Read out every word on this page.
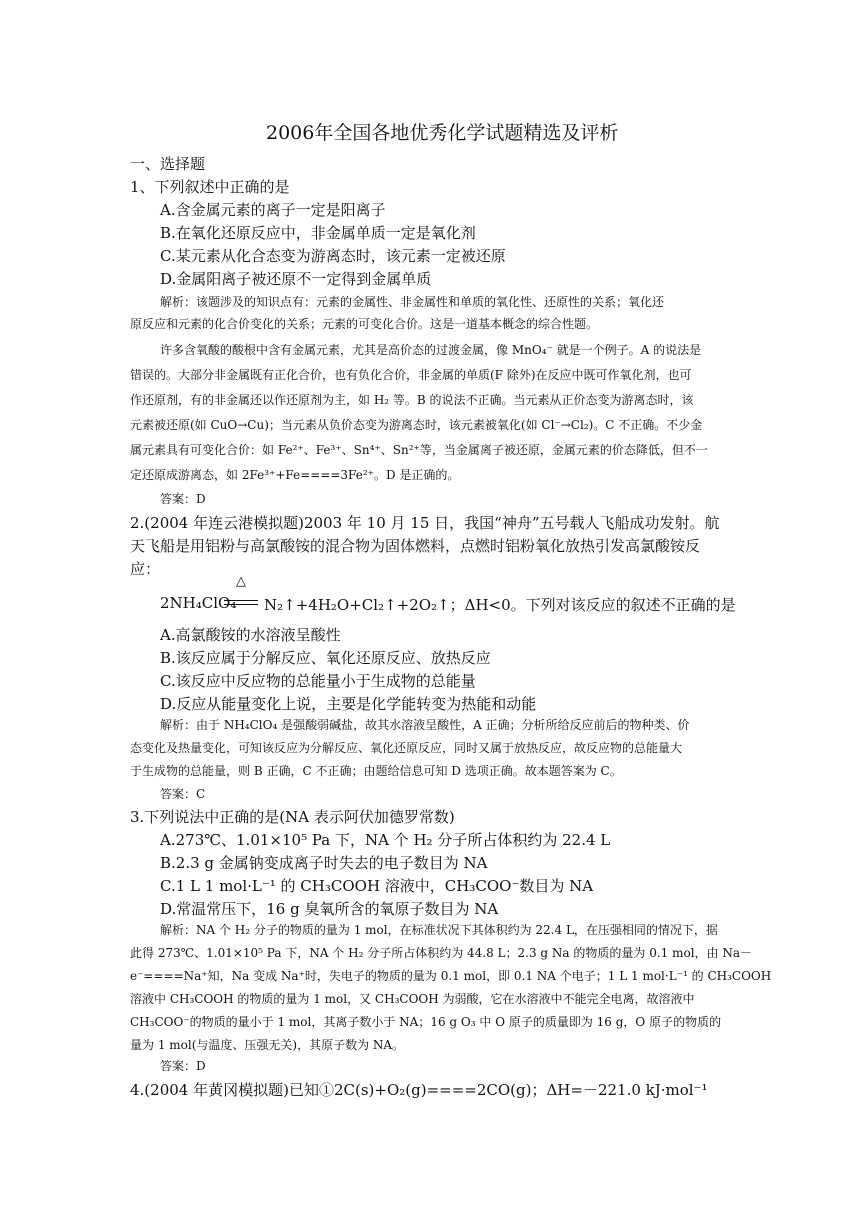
2006年全国各地优秀化学试题精选及评析
一、选择题
1、下列叙述中正确的是
A.含金属元素的离子一定是阳离子
B.在氧化还原反应中，非金属单质一定是氧化剂
C.某元素从化合态变为游离态时，该元素一定被还原
D.金属阳离子被还原不一定得到金属单质
解析：该题涉及的知识点有：元素的金属性、非金属性和单质的氧化性、还原性的关系；氧化还
原反应和元素的化合价变化的关系；元素的可变化合价。这是一道基本概念的综合性题。
许多含氧酸的酸根中含有金属元素，尤其是高价态的过渡金属，像 MnO₄⁻ 就是一个例子。A 的说法是
错误的。大部分非金属既有正化合价，也有负化合价，非金属的单质(F 除外)在反应中既可作氧化剂，也可
作还原剂，有的非金属还以作还原剂为主，如 H₂ 等。B 的说法不正确。当元素从正价态变为游离态时，该
元素被还原(如 CuO→Cu)；当元素从负价态变为游离态时，该元素被氧化(如 Cl⁻→Cl₂)。C 不正确。不少金
属元素具有可变化合价：如 Fe²⁺、Fe³⁺、Sn⁴⁺、Sn²⁺等，当金属离子被还原，金属元素的价态降低，但不一
定还原成游离态，如 2Fe³⁺+Fe====3Fe²⁺。D 是正确的。
答案：D
2.(2004 年连云港模拟题)2003 年 10 月 15 日，我国“神舟”五号载人飞船成功发射。航
天飞船是用铝粉与高氯酸铵的混合物为固体燃料，点燃时铝粉氧化放热引发高氯酸铵反
应：
△
2NH₄ClO₄ N₂↑+4H₂O+Cl₂↑+2O₂↑；ΔH<0。下列对该反应的叙述不正确的是
A.高氯酸铵的水溶液呈酸性
B.该反应属于分解反应、氧化还原反应、放热反应
C.该反应中反应物的总能量小于生成物的总能量
D.反应从能量变化上说，主要是化学能转变为热能和动能
解析：由于 NH₄ClO₄ 是强酸弱碱盐，故其水溶液呈酸性，A 正确；分析所给反应前后的物种类、价
态变化及热量变化，可知该反应为分解反应、氧化还原反应，同时又属于放热反应，故反应物的总能量大
于生成物的总能量，则 B 正确，C 不正确；由题给信息可知 D 选项正确。故本题答案为 C。
答案：C
3.下列说法中正确的是(NA 表示阿伏加德罗常数)
A.273℃、1.01×10⁵ Pa 下，NA 个 H₂ 分子所占体积约为 22.4 L
B.2.3 g 金属钠变成离子时失去的电子数目为 NA
C.1 L 1 mol·L⁻¹ 的 CH₃COOH 溶液中，CH₃COO⁻数目为 NA
D.常温常压下，16 g 臭氧所含的氧原子数目为 NA
解析：NA 个 H₂ 分子的物质的量为 1 mol，在标准状况下其体积约为 22.4 L，在压强相同的情况下，据
此得 273℃、1.01×10⁵ Pa 下，NA 个 H₂ 分子所占体积约为 44.8 L；2.3 g Na 的物质的量为 0.1 mol，由 Na－
e⁻====Na⁺知，Na 变成 Na⁺时，失电子的物质的量为 0.1 mol，即 0.1 NA 个电子；1 L 1 mol·L⁻¹ 的 CH₃COOH
溶液中 CH₃COOH 的物质的量为 1 mol，又 CH₃COOH 为弱酸，它在水溶液中不能完全电离，故溶液中
CH₃COO⁻的物质的量小于 1 mol，其离子数小于 NA；16 g O₃ 中 O 原子的质量即为 16 g，O 原子的物质的
量为 1 mol(与温度、压强无关)，其原子数为 NA。
答案：D
4.(2004 年黄冈模拟题)已知①2C(s)+O₂(g)====2CO(g)；ΔH=－221.0 kJ·mol⁻¹
